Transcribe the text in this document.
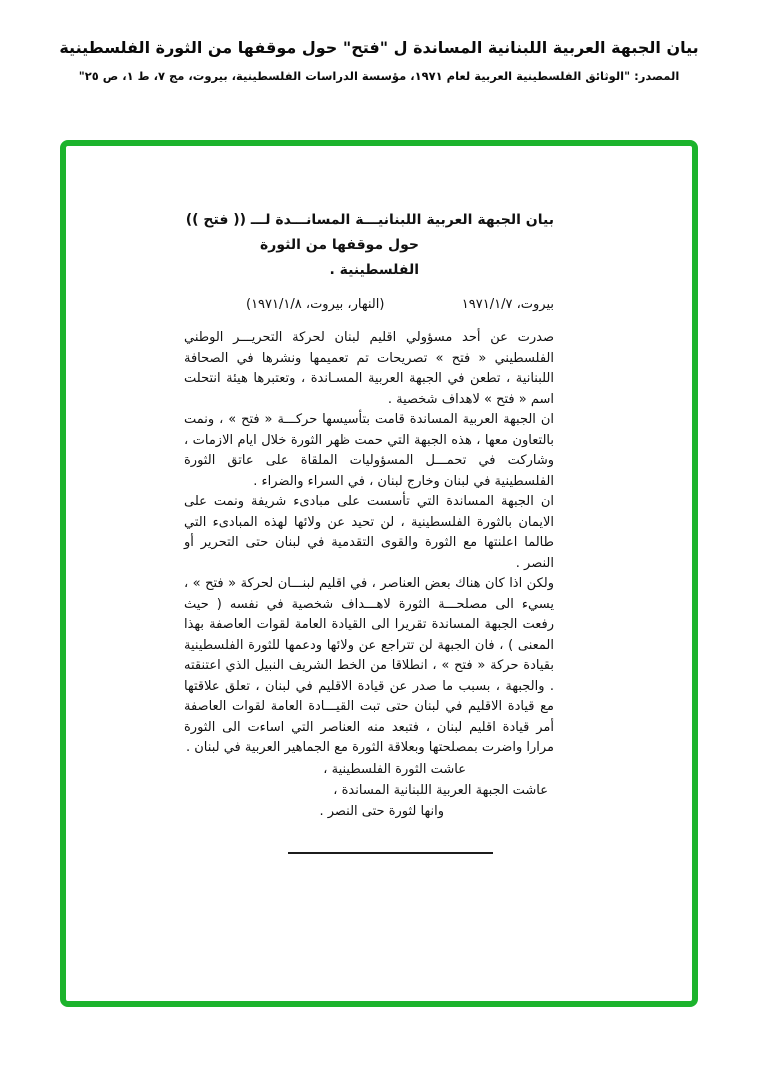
بيان الجبهة العربية اللبنانية المساندة ل "فتح" حول موقفها من الثورة الفلسطينية
المصدر: "الوثائق الفلسطينية العربية لعام ١٩٧١، مؤسسة الدراسات الفلسطينية، بيروت، مج ٧، ط ١، ص ٢٥"
بيان الجبهة العربية اللبنانيـــة المسانـــدة لـــ (( فتح ))
حول موقفها من الثورة الفلسطينية .
بيروت، ١٩٧١/١/٧
(النهار، بيروت، ١٩٧١/١/٨)

صدرت عن أحد مسؤولي اقليم لبنان لحركة التحريـــر الوطني الفلسطيني « فتح » تصريحات تم تعميمها ونشرها في الصحافة اللبنانية ، تطعن في الجبهة العربية المسـاندة ، وتعتبرها هيئة انتحلت اسم « فتح » لاهداف شخصية .

ان الجبهة العربية المساندة قامت بتأسيسها حركـــة « فتح » ، ونمت بالتعاون معها ، هذه الجبهة التي حمت ظهر الثورة خلال ايام الازمات ، وشاركت في تحمـــل المسؤوليات الملقاة على عاتق الثورة الفلسطينية في لبنان وخارج لبنان ، في السراء والضراء .

ان الجبهة المساندة التي تأسست على مبادىء شريفة ونمت على الايمان بالثورة الفلسطينية ، لن تحيد عن ولائها لهذه المبادىء التي طالما اعلنتها مع الثورة والقوى التقدمية في لبنان حتى التحرير أو النصر .

ولكن اذا كان هناك بعض العناصر ، في اقليم لبنـــان لحركة « فتح » ، يسيء الى مصلحـــة الثورة لاهـــداف شخصية في نفسه ( حيث رفعت الجبهة المساندة تقريرا الى القيادة العامة لقوات العاصفة بهذا المعنى ) ، فان الجبهة لن تتراجع عن ولائها ودعمها للثورة الفلسطينية بقيادة حركة « فتح » ، انطلاقا من الخط الشريف النبيل الذي اعتنقته . والجبهة ، بسبب ما صدر عن قيادة الاقليم في لبنان ، تعلق علاقتها مع قيادة الاقليم في لبنان حتى تبت القيـــادة العامة لقوات العاصفة أمر قيادة اقليم لبنان ، فتبعد منه العناصر التي اساءت الى الثورة مرارا واضرت بمصلحتها وبعلاقة الثورة مع الجماهير العربية في لبنان .

عاشت الثورة الفلسطينية ،
عاشت الجبهة العربية اللبنانية المساندة ،
وانها لثورة حتى النصر .
